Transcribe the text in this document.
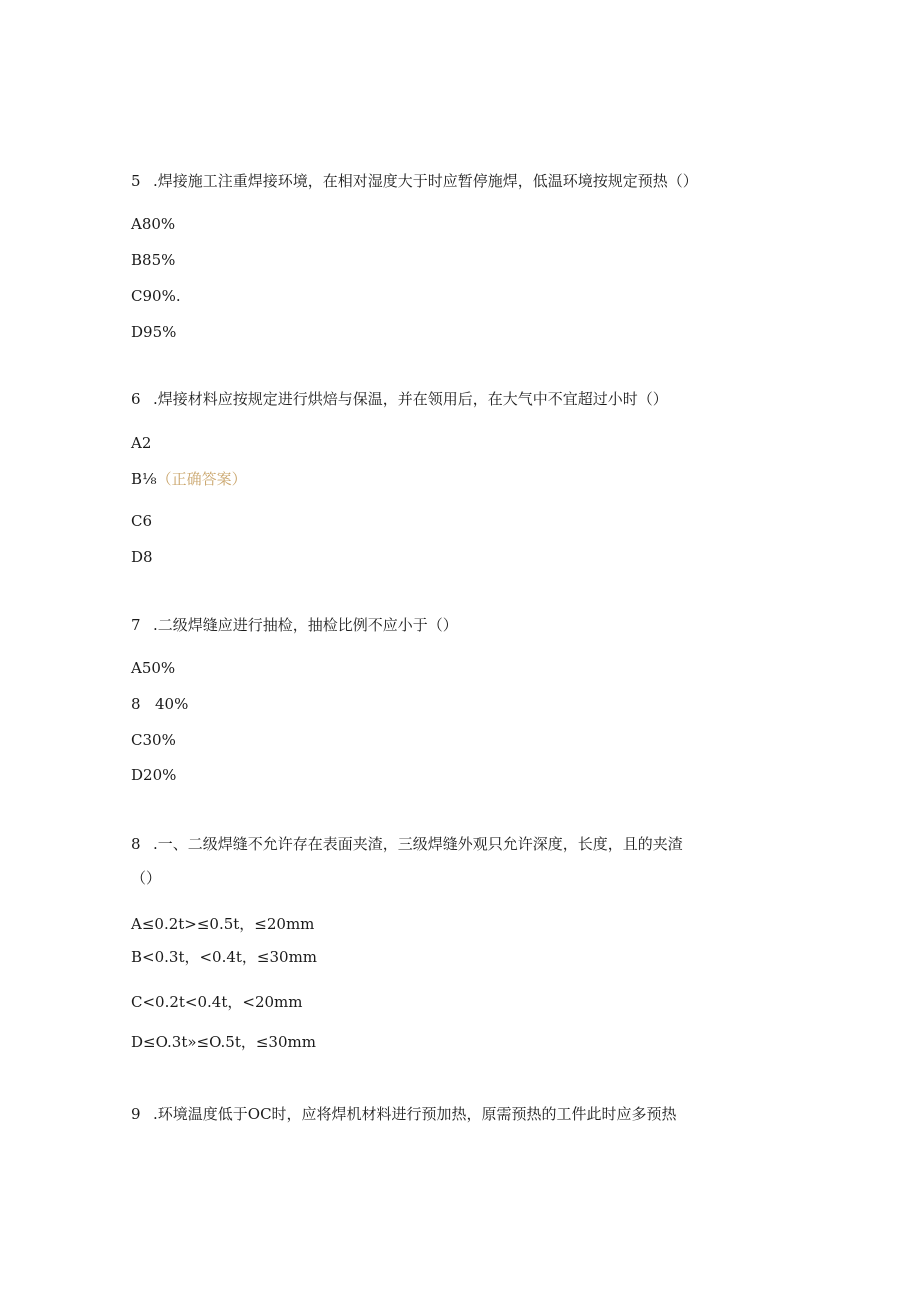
5 .焊接施工注重焊接环境，在相对湿度大于时应暂停施焊，低温环境按规定预热（）
A80%
B85%
C90%.
D95%
6 .焊接材料应按规定进行烘焙与保温，并在领用后，在大气中不宜超过小时（）
A2
B⅛（正确答案）
C6
D8
7 .二级焊缝应进行抽检，抽检比例不应小于（）
A50%
8 40%
C30%
D20%
8 .一、二级焊缝不允许存在表面夹渣，三级焊缝外观只允许深度，长度，且的夹渣
（）
A≤0.2t>≤0.5t，≤20mm
B<0.3t，<0.4t，≤30mm
C<0.2t<0.4t，<20mm
D≤O.3t»≤O.5t，≤30mm
9 .环境温度低于OC时，应将焊机材料进行预加热，原需预热的工件此时应多预热
